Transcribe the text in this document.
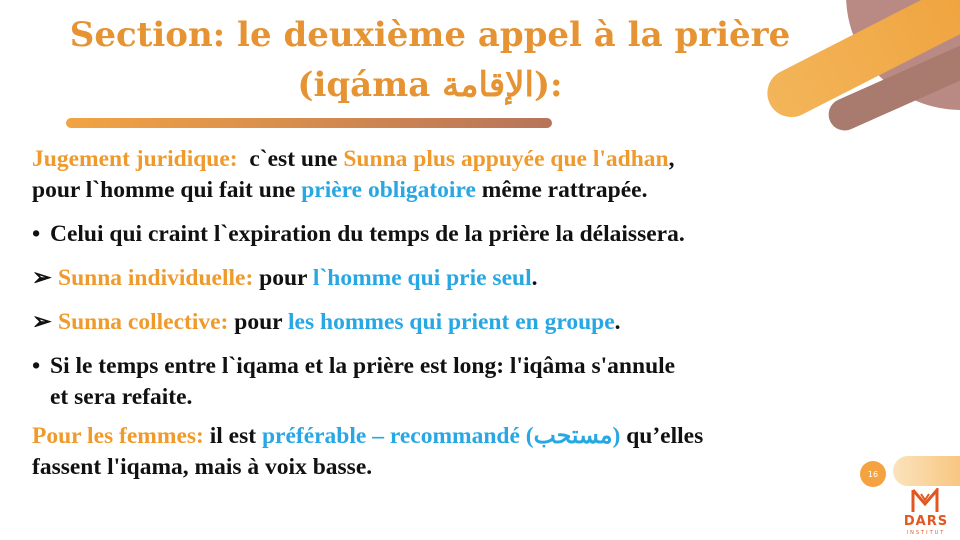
Section: le deuxième appel à la prière
(iqáma الإقامة):

Jugement juridique:  c`est une Sunna plus appuyée que l'adhan,
pour l`homme qui fait une prière obligatoire même rattrapée.

• Celui qui craint l`expiration du temps de la prière la délaissera.
➢ Sunna individuelle: pour l`homme qui prie seul.
➢ Sunna collective: pour les hommes qui prient en groupe.
• Si le temps entre l`iqama et la prière est long: l'iqâma s'annule
et sera refaite.

Pour les femmes: il est préférable – recommandé (مستحب) qu’elles
fassent l'iqama, mais à voix basse.	16
DARS
INSTITUT
